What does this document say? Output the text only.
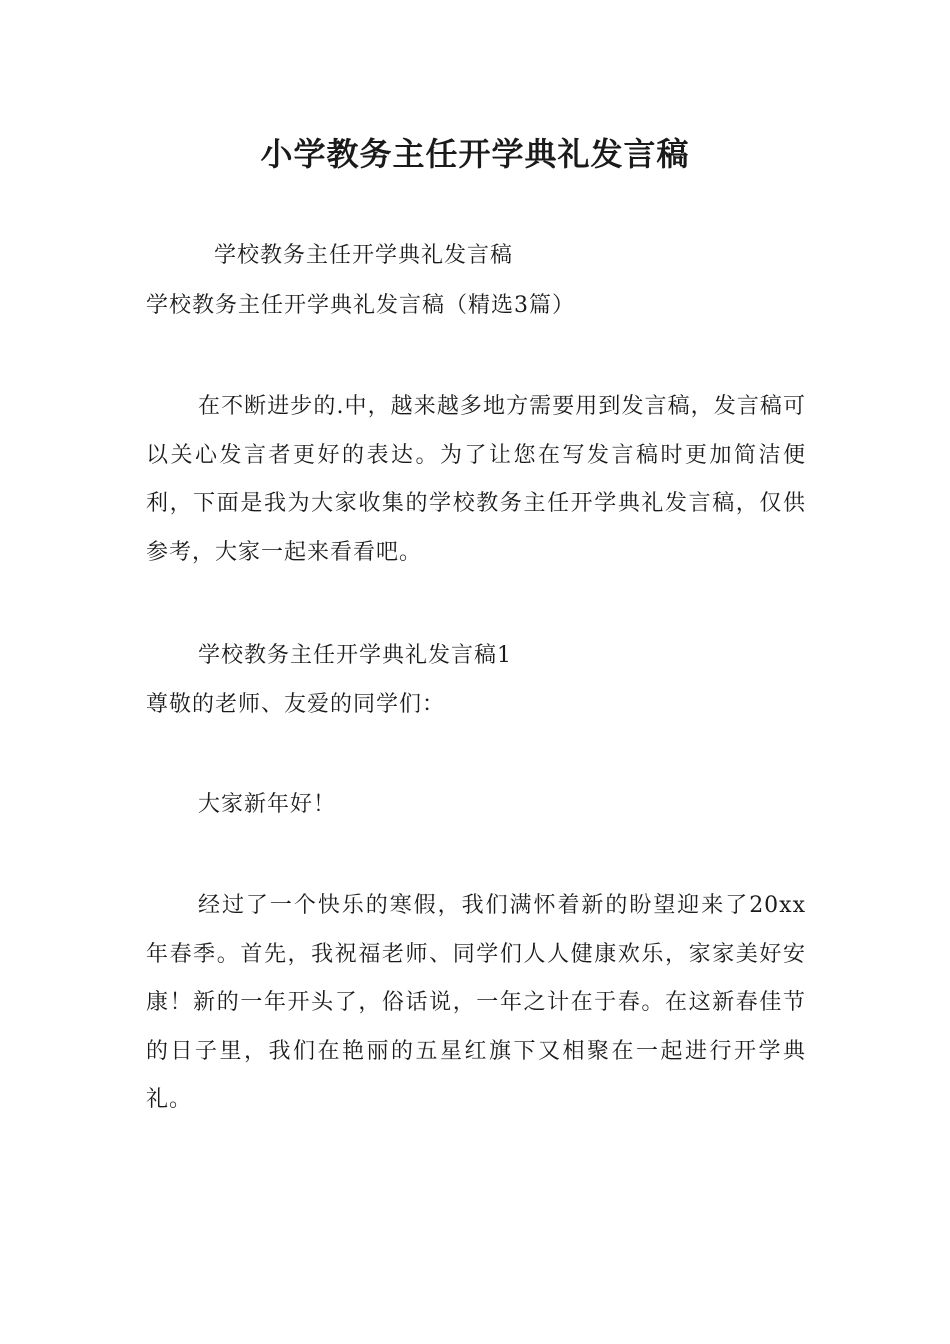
小学教务主任开学典礼发言稿
学校教务主任开学典礼发言稿
学校教务主任开学典礼发言稿（精选3篇）
在不断进步的.中，越来越多地方需要用到发言稿，发言稿可以关心发言者更好的表达。为了让您在写发言稿时更加简洁便利，下面是我为大家收集的学校教务主任开学典礼发言稿，仅供参考，大家一起来看看吧。
学校教务主任开学典礼发言稿1
尊敬的老师、友爱的同学们：
大家新年好！
经过了一个快乐的寒假，我们满怀着新的盼望迎来了20xx年春季。首先，我祝福老师、同学们人人健康欢乐，家家美好安康！新的一年开头了，俗话说，一年之计在于春。在这新春佳节的日子里，我们在艳丽的五星红旗下又相聚在一起进行开学典礼。
